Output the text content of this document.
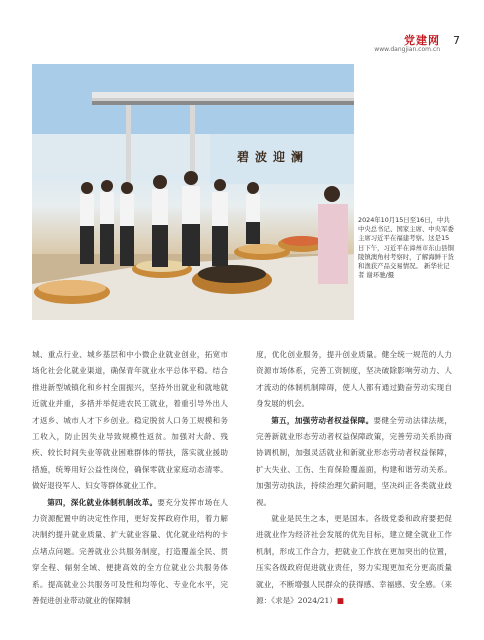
党建网
www.dangjian.com.cn
7
碧波迎澜
2024年10月15日至16日，中共中央总书记、国家主席、中央军委主席习近平在福建考察。这是15日下午，习近平在漳州市东山县铜陵镇澳角村考察时，了解海鲜干货和渔获产品交易情况。 新华社记者 谢环驰/摄

城、重点行业、城乡基层和中小微企业就业创业，拓宽市场化社会化就业渠道，确保青年就业水平总体平稳。结合推进新型城镇化和乡村全面振兴，坚持外出就业和就地就近就业并重，多措并举促进农民工就业，着重引导外出人才返乡、城市人才下乡创业。稳定脱贫人口务工规模和务工收入，防止因失业导致规模性返贫。加强对大龄、残疾、较长时间失业等就业困难群体的帮扶，落实就业援助措施，统筹用好公益性岗位，确保零就业家庭动态清零。做好退役军人、妇女等群体就业工作。

第四，深化就业体制机制改革。要充分发挥市场在人力资源配置中的决定性作用，更好发挥政府作用，着力解决制约提升就业质量、扩大就业容量、优化就业结构的卡点堵点问题。完善就业公共服务制度，打造覆盖全民、贯穿全程、辐射全域、便捷高效的全方位就业公共服务体系。提高就业公共服务可及性和均等化、专业化水平，完善促进创业带动就业的保障制

度，优化创业服务，提升创业质量。健全统一规范的人力资源市场体系，完善工资制度，坚决破除影响劳动力、人才流动的体制机制障碍，使人人都有通过勤奋劳动实现自身发展的机会。

第五，加强劳动者权益保障。要健全劳动法律法规，完善新就业形态劳动者权益保障政策，完善劳动关系协商协调机制，加强灵活就业和新就业形态劳动者权益保障，扩大失业、工伤、生育保险覆盖面，构建和谐劳动关系。加强劳动执法，持续治理欠薪问题，坚决纠正各类就业歧视。

就业是民生之本，更是国本。各级党委和政府要把促进就业作为经济社会发展的优先目标，建立健全就业工作机制，形成工作合力，把就业工作放在更加突出的位置，压实各级政府促进就业责任，努力实现更加充分更高质量就业，不断增强人民群众的获得感、幸福感、安全感。（来源：《求是》2024/21）■
